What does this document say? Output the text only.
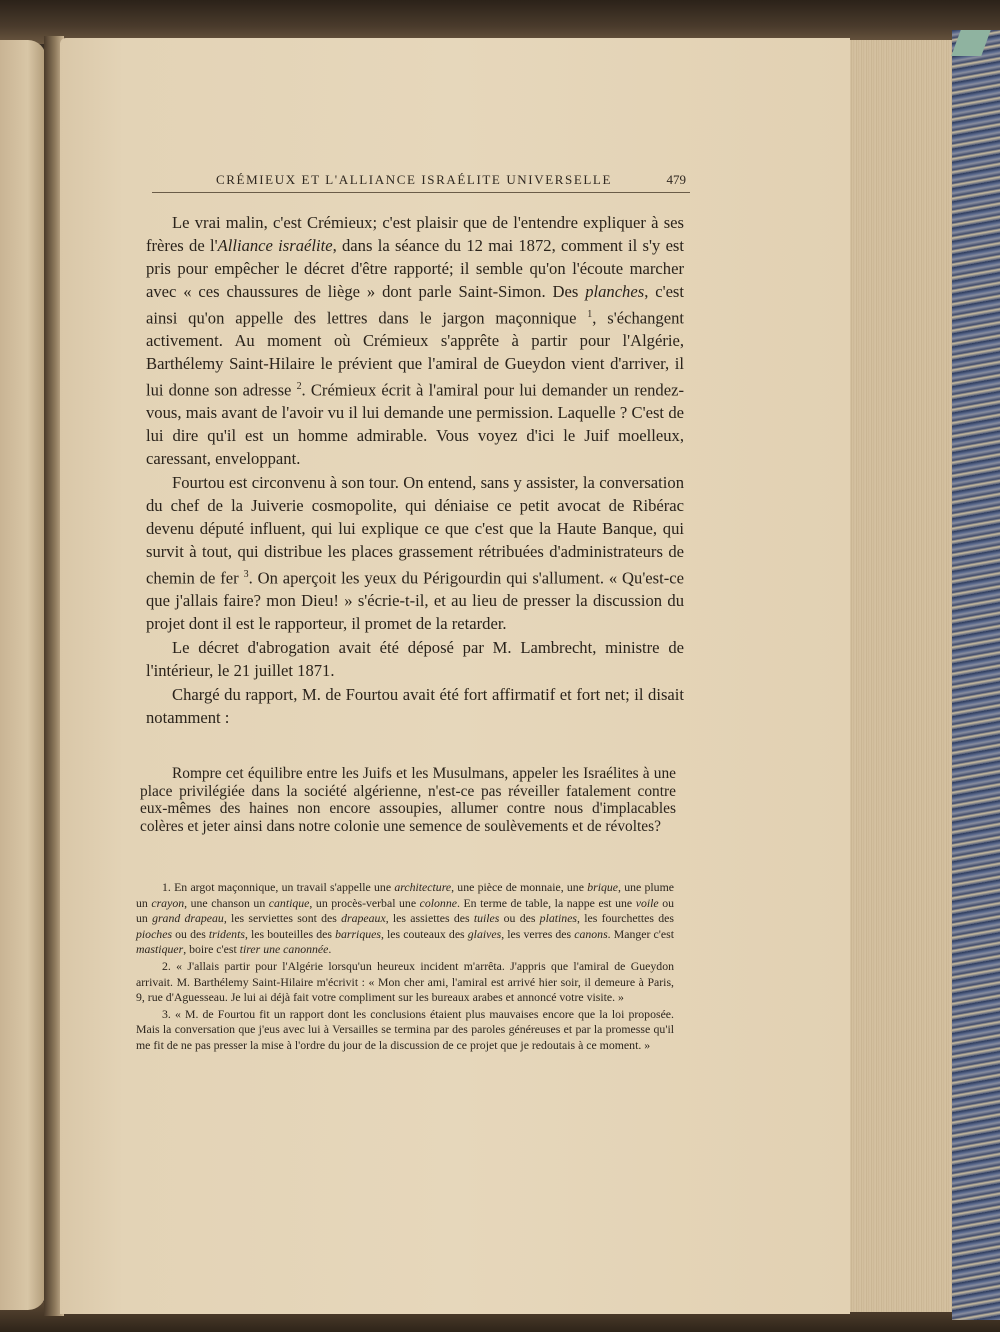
CRÉMIEUX ET L'ALLIANCE ISRAÉLITE UNIVERSELLE	479

Le vrai malin, c'est Crémieux; c'est plaisir que de l'entendre expliquer à ses frères de l'Alliance israélite, dans la séance du 12 mai 1872, comment il s'y est pris pour empêcher le décret d'être rapporté; il semble qu'on l'écoute marcher avec « ces chaussures de liège » dont parle Saint-Simon. Des planches, c'est ainsi qu'on appelle des lettres dans le jargon maçonnique $^1$, s'échangent activement. Au moment où Crémieux s'apprête à partir pour l'Algérie, Barthélemy Saint-Hilaire le prévient que l'amiral de Gueydon vient d'arriver, il lui donne son adresse $^2$. Crémieux écrit à l'amiral pour lui demander un rendez-vous, mais avant de l'avoir vu il lui demande une permission. Laquelle ? C'est de lui dire qu'il est un homme admirable. Vous voyez d'ici le Juif moelleux, caressant, enveloppant.

Fourtou est circonvenu à son tour. On entend, sans y assister, la conversation du chef de la Juiverie cosmopolite, qui déniaise ce petit avocat de Ribérac devenu député influent, qui lui explique ce que c'est que la Haute Banque, qui survit à tout, qui distribue les places grassement rétribuées d'administrateurs de chemin de fer $^3$. On aperçoit les yeux du Périgourdin qui s'allument. « Qu'est-ce que j'allais faire? mon Dieu! » s'écrie-t-il, et au lieu de presser la discussion du projet dont il est le rapporteur, il promet de la retarder.

Le décret d'abrogation avait été déposé par M. Lambrecht, ministre de l'intérieur, le 21 juillet 1871.

Chargé du rapport, M. de Fourtou avait été fort affirmatif et fort net; il disait notamment :

Rompre cet équilibre entre les Juifs et les Musulmans, appeler les Israélites à une place privilégiée dans la société algérienne, n'est-ce pas réveiller fatalement contre eux-mêmes des haines non encore assoupies, allumer contre nous d'implacables colères et jeter ainsi dans notre colonie une semence de soulèvements et de révoltes?

1. En argot maçonnique, un travail s'appelle une architecture, une pièce de monnaie, une brique, une plume un crayon, une chanson un cantique, un procès-verbal une colonne. En terme de table, la nappe est une voile ou un grand drapeau, les serviettes sont des drapeaux, les assiettes des tuiles ou des platines, les fourchettes des pioches ou des tridents, les bouteilles des barriques, les couteaux des glaives, les verres des canons. Manger c'est mastiquer, boire c'est tirer une canonnée.

2. « J'allais partir pour l'Algérie lorsqu'un heureux incident m'arrêta. J'appris que l'amiral de Gueydon arrivait. M. Barthélemy Saint-Hilaire m'écrivit : « Mon cher ami, l'amiral est arrivé hier soir, il demeure à Paris, 9, rue d'Aguesseau. Je lui ai déjà fait votre compliment sur les bureaux arabes et annoncé votre visite. »

3. « M. de Fourtou fit un rapport dont les conclusions étaient plus mauvaises encore que la loi proposée. Mais la conversation que j'eus avec lui à Versailles se termina par des paroles généreuses et par la promesse qu'il me fit de ne pas presser la mise à l'ordre du jour de la discussion de ce projet que je redoutais à ce moment. »
